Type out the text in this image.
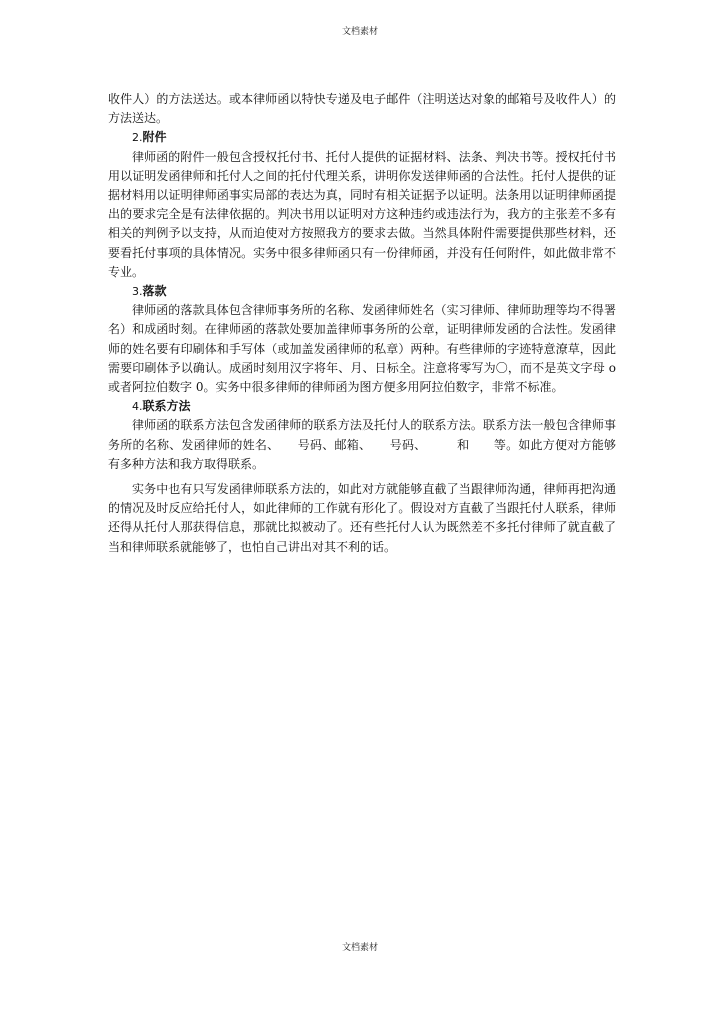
文档素材

收件人）的方法送达。或本律师函以特快专递及电子邮件（注明送达对象的邮箱号及收件人）的方法送达。

2.附件

律师函的附件一般包含授权托付书、托付人提供的证据材料、法条、判决书等。授权托付书用以证明发函律师和托付人之间的托付代理关系，讲明你发送律师函的合法性。托付人提供的证据材料用以证明律师函事实局部的表达为真，同时有相关证据予以证明。法条用以证明律师函提出的要求完全是有法律依据的。判决书用以证明对方这种违约或违法行为，我方的主张差不多有相关的判例予以支持，从而迫使对方按照我方的要求去做。当然具体附件需要提供那些材料，还要看托付事项的具体情况。实务中很多律师函只有一份律师函，并没有任何附件，如此做非常不专业。

3.落款

律师函的落款具体包含律师事务所的名称、发函律师姓名（实习律师、律师助理等均不得署名）和成函时刻。在律师函的落款处要加盖律师事务所的公章，证明律师发函的合法性。发函律师的姓名要有印刷体和手写体（或加盖发函律师的私章）两种。有些律师的字迹特意潦草，因此需要印刷体予以确认。成函时刻用汉字将年、月、日标全。注意将零写为〇，而不是英文字母 o 或者阿拉伯数字 0。实务中很多律师的律师函为图方便多用阿拉伯数字，非常不标准。

4.联系方法

律师函的联系方法包含发函律师的联系方法及托付人的联系方法。联系方法一般包含律师事务所的名称、发函律师的姓名、　　号码、邮箱、　　号码、　　　和　　等。如此方便对方能够有多种方法和我方取得联系。

实务中也有只写发函律师联系方法的，如此对方就能够直截了当跟律师沟通，律师再把沟通的情况及时反应给托付人，如此律师的工作就有形化了。假设对方直截了当跟托付人联系，律师还得从托付人那获得信息，那就比拟被动了。还有些托付人认为既然差不多托付律师了就直截了当和律师联系就能够了，也怕自己讲出对其不利的话。

文档素材
